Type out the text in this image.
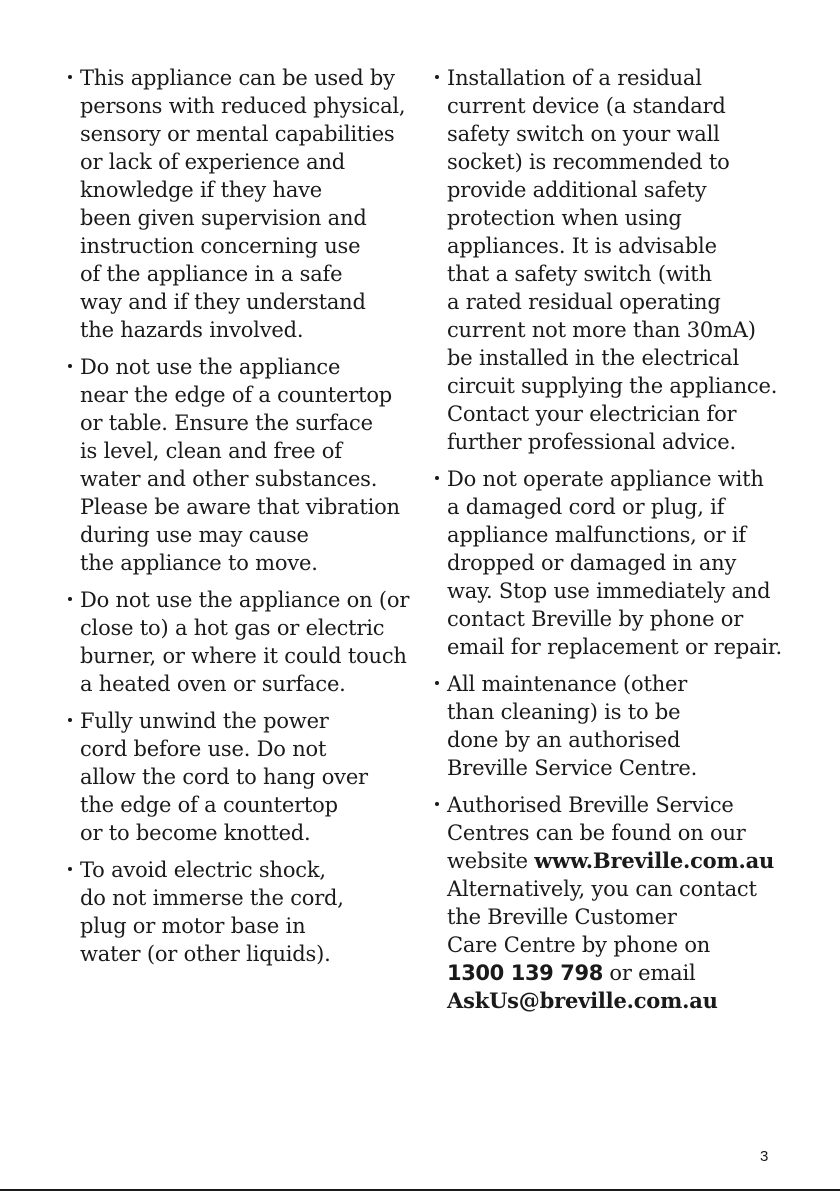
This appliance can be used by
persons with reduced physical,
sensory or mental capabilities
or lack of experience and
knowledge if they have
been given supervision and
instruction concerning use
of the appliance in a safe
way and if they understand
the hazards involved.
Do not use the appliance
near the edge of a countertop
or table. Ensure the surface
is level, clean and free of
water and other substances.
Please be aware that vibration
during use may cause
the appliance to move.
Do not use the appliance on (or
close to) a hot gas or electric
burner, or where it could touch
a heated oven or surface.
Fully unwind the power
cord before use. Do not
allow the cord to hang over
the edge of a countertop
or to become knotted.
To avoid electric shock,
do not immerse the cord,
plug or motor base in
water (or other liquids).
Installation of a residual
current device (a standard
safety switch on your wall
socket) is recommended to
provide additional safety
protection when using
appliances. It is advisable
that a safety switch (with
a rated residual operating
current not more than 30mA)
be installed in the electrical
circuit supplying the appliance.
Contact your electrician for
further professional advice.
Do not operate appliance with
a damaged cord or plug, if
appliance malfunctions, or if
dropped or damaged in any
way. Stop use immediately and
contact Breville by phone or
email for replacement or repair.
All maintenance (other
than cleaning) is to be
done by an authorised
Breville Service Centre.
Authorised Breville Service
Centres can be found on our
website www.Breville.com.au
Alternatively, you can contact
the Breville Customer
Care Centre by phone on
1300 139 798 or email
AskUs@breville.com.au
3
